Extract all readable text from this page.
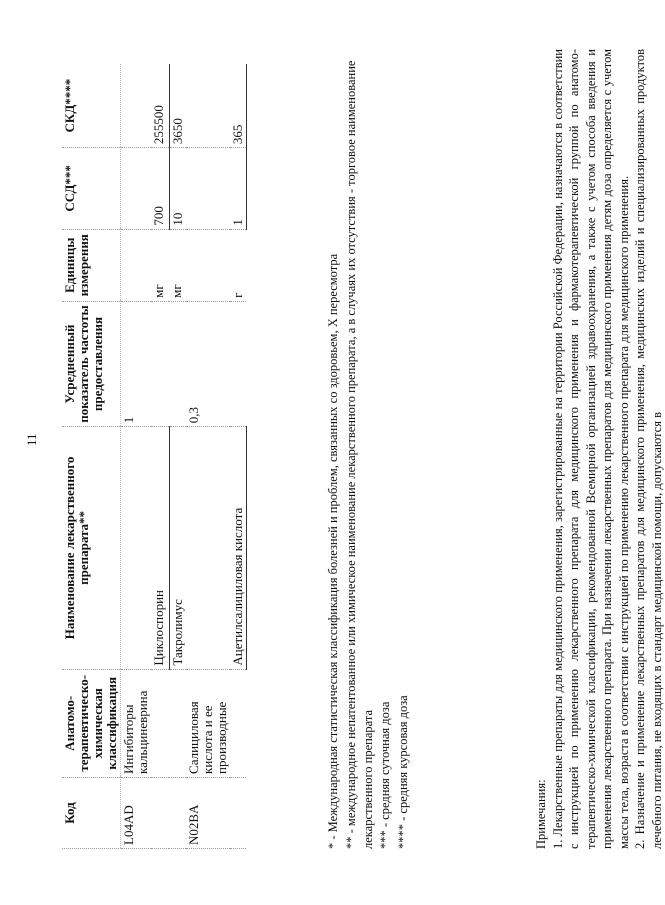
11
Код	Анатомо-терапевтическо-химическая классификация	Наименование лекарственного препарата**	Усредненный показатель частоты предоставления	Единицы измерения	ССД***	СКД****
L04AD	Ингибиторы кальциневрина		1			
		Циклоспорин		мг	700	255500
		Такролимус		мг	10	3650
N02BA	Салициловая кислота и ее производные		0,3			
		Ацетилсалициловая кислота		г	1	365
* - Международная статистическая классификация болезней и проблем, связанных со здоровьем, X пересмотра ** - международное непатентованное или химическое наименование лекарственного препарата, а в случаях их отсутствия - торговое наименование лекарственного препарата *** - средняя суточная доза **** - средняя курсовая доза	Примечания: 1. Лекарственные препараты для медицинского применения, зарегистрированные на территории Российской Федерации, назначаются в соответствии с инструкцией по применению лекарственного препарата для медицинского применения и фармакотерапевтической группой по анатомо-терапевтическо-химической классификации, рекомендованной Всемирной организацией здравоохранения, а также с учетом способа введения и применения лекарственного препарата. При назначении лекарственных препаратов для медицинского применения детям доза определяется с учетом массы тела, возраста в соответствии с инструкцией по применению лекарственного препарата для медицинского применения. 2. Назначение и применение лекарственных препаратов для медицинского применения, медицинских изделий и специализированных продуктов лечебного питания, не входящих в стандарт медицинской помощи, допускаются в
